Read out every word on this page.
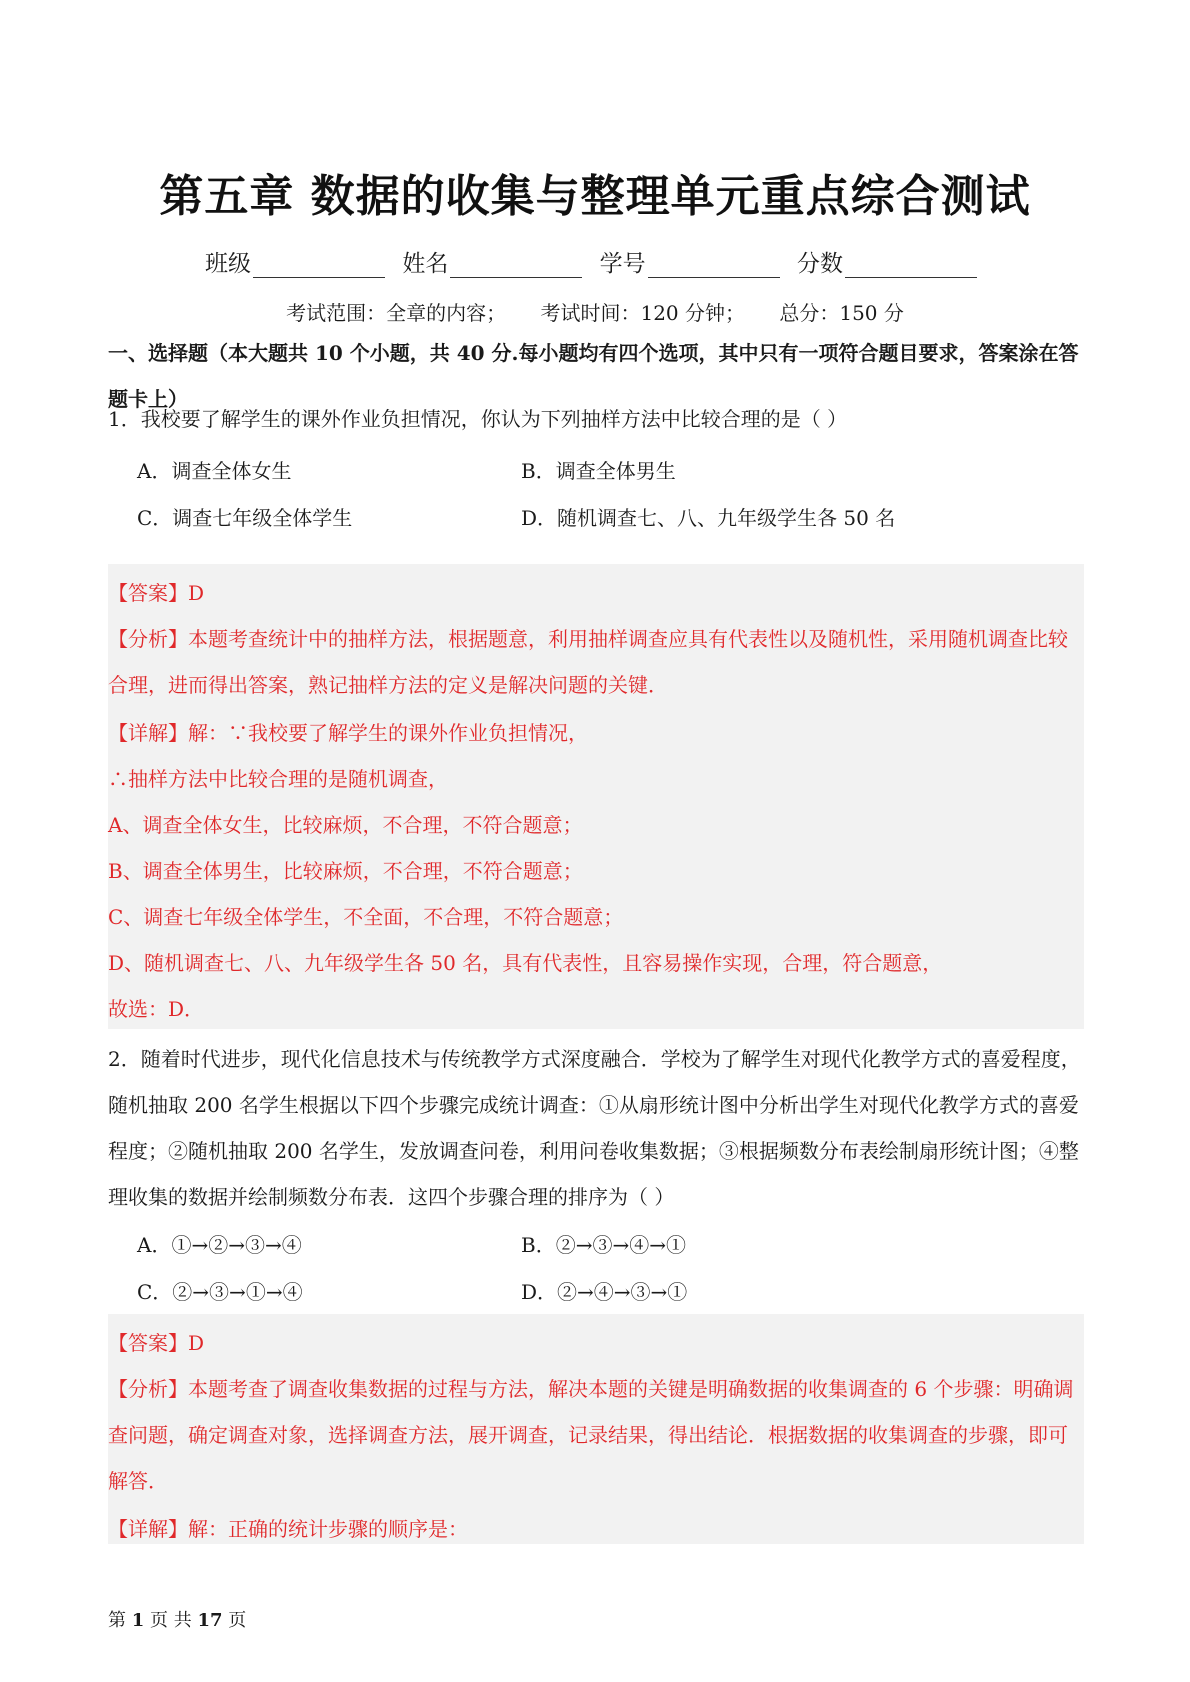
第五章 数据的收集与整理单元重点综合测试
班级	姓名	学号	分数
考试范围：全章的内容； 考试时间：120 分钟； 总分：150 分
一、选择题（本大题共 10 个小题，共 40 分.每小题均有四个选项，其中只有一项符合题目要求，答案涂在答题卡上）
1．我校要了解学生的课外作业负担情况，你认为下列抽样方法中比较合理的是（ ）
A．调查全体女生	B．调查全体男生
C．调查七年级全体学生	D．随机调查七、八、九年级学生各 50 名
【答案】D
【分析】本题考查统计中的抽样方法，根据题意，利用抽样调查应具有代表性以及随机性，采用随机调查比较合理，进而得出答案，熟记抽样方法的定义是解决问题的关键．
【详解】解：∵我校要了解学生的课外作业负担情况，
∴抽样方法中比较合理的是随机调查，
A、调查全体女生，比较麻烦，不合理，不符合题意；
B、调查全体男生，比较麻烦，不合理，不符合题意；
C、调查七年级全体学生，不全面，不合理，不符合题意；
D、随机调查七、八、九年级学生各 50 名，具有代表性，且容易操作实现，合理，符合题意，
故选：D．
2．随着时代进步，现代化信息技术与传统教学方式深度融合．学校为了解学生对现代化教学方式的喜爱程度，随机抽取 200 名学生根据以下四个步骤完成统计调查：①从扇形统计图中分析出学生对现代化教学方式的喜爱程度；②随机抽取 200 名学生，发放调查问卷，利用问卷收集数据；③根据频数分布表绘制扇形统计图；④整理收集的数据并绘制频数分布表．这四个步骤合理的排序为（ ）
A．①→②→③→④	B．②→③→④→①
C．②→③→①→④	D．②→④→③→①
【答案】D
【分析】本题考查了调查收集数据的过程与方法，解决本题的关键是明确数据的收集调查的 6 个步骤：明确调查问题，确定调查对象，选择调查方法，展开调查，记录结果，得出结论．根据数据的收集调查的步骤，即可解答．
【详解】解：正确的统计步骤的顺序是：
第 1 页 共 17 页
